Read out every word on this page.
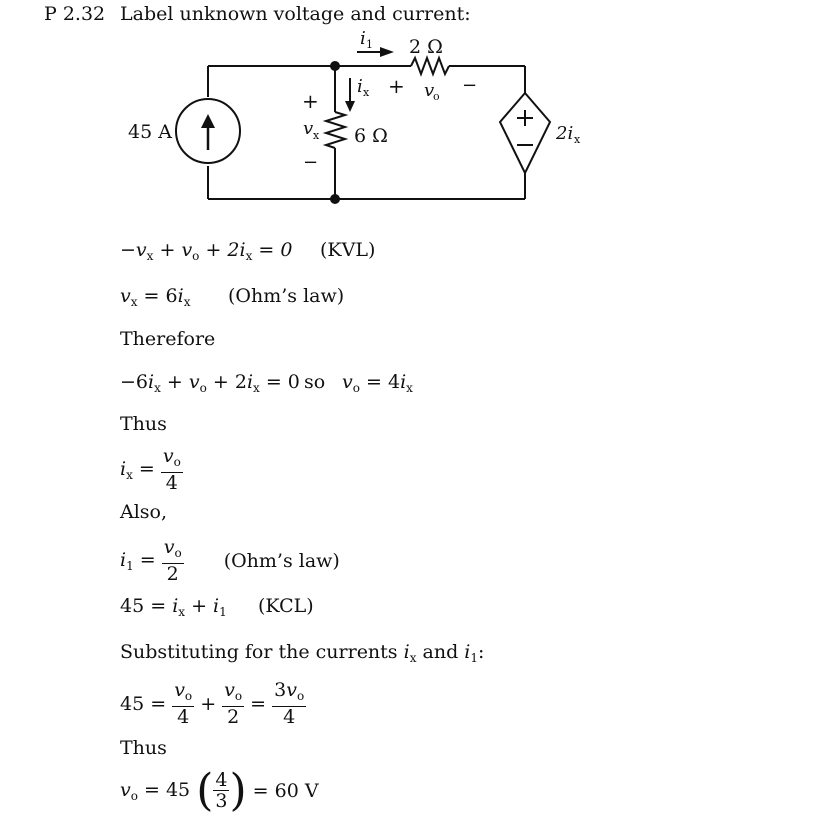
P 2.32 Label unknown voltage and current:
45 A
+
v x
−
6 Ω
i x
i 1 2 Ω
+ v
o
−
2i x
$-v_x + v_o + 2i_x = 0$ (KVL)
$v_x = 6i_x$ (Ohm’s law)
Therefore
$-6i_x + v_o + 2i_x = 0$ so $v_o = 4i_x$
Thus
$i_x = \frac{v_o}{4}$
Also,
$i_1 = \frac{v_o}{2}$ (Ohm’s law)
$45 = i_x + i_1$ (KCL)
Substituting for the currents $i_x$ and $i_1$:
$45 = \frac{v_o}{4} + \frac{v_o}{2} = \frac{3v_o}{4}$
Thus
$v_o = 45$ ( $\frac{4}{3}$ )
= 60 V
